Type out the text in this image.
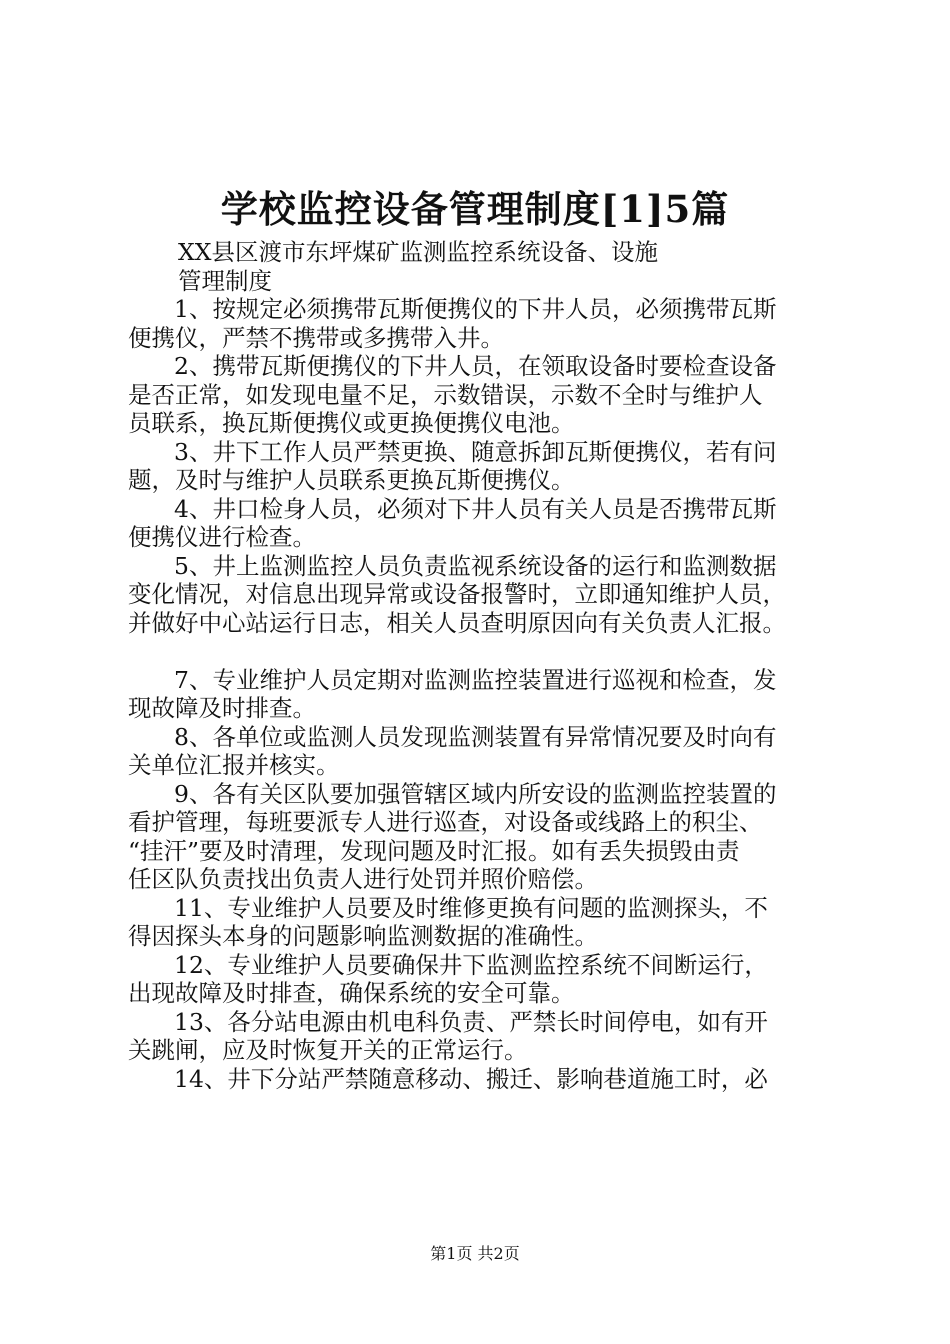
学校监控设备管理制度[1]5篇
XX县区渡市东坪煤矿监测监控系统设备、设施
管理制度
1、按规定必须携带瓦斯便携仪的下井人员，必须携带瓦斯
便携仪，严禁不携带或多携带入井。
2、携带瓦斯便携仪的下井人员，在领取设备时要检查设备
是否正常，如发现电量不足，示数错误，示数不全时与维护人
员联系，换瓦斯便携仪或更换便携仪电池。
3、井下工作人员严禁更换、随意拆卸瓦斯便携仪，若有问
题，及时与维护人员联系更换瓦斯便携仪。
4、井口检身人员，必须对下井人员有关人员是否携带瓦斯
便携仪进行检查。
5、井上监测监控人员负责监视系统设备的运行和监测数据
变化情况，对信息出现异常或设备报警时，立即通知维护人员，
并做好中心站运行日志，相关人员查明原因向有关负责人汇报。
7、专业维护人员定期对监测监控装置进行巡视和检查，发
现故障及时排查。
8、各单位或监测人员发现监测装置有异常情况要及时向有
关单位汇报并核实。
9、各有关区队要加强管辖区域内所安设的监测监控装置的
看护管理，每班要派专人进行巡查，对设备或线路上的积尘、
“挂汗”要及时清理，发现问题及时汇报。如有丢失损毁由责
任区队负责找出负责人进行处罚并照价赔偿。
11、专业维护人员要及时维修更换有问题的监测探头，不
得因探头本身的问题影响监测数据的准确性。
12、专业维护人员要确保井下监测监控系统不间断运行，
出现故障及时排查，确保系统的安全可靠。
13、各分站电源由机电科负责、严禁长时间停电，如有开
关跳闸，应及时恢复开关的正常运行。
14、井下分站严禁随意移动、搬迁、影响巷道施工时，必
第1页 共2页
